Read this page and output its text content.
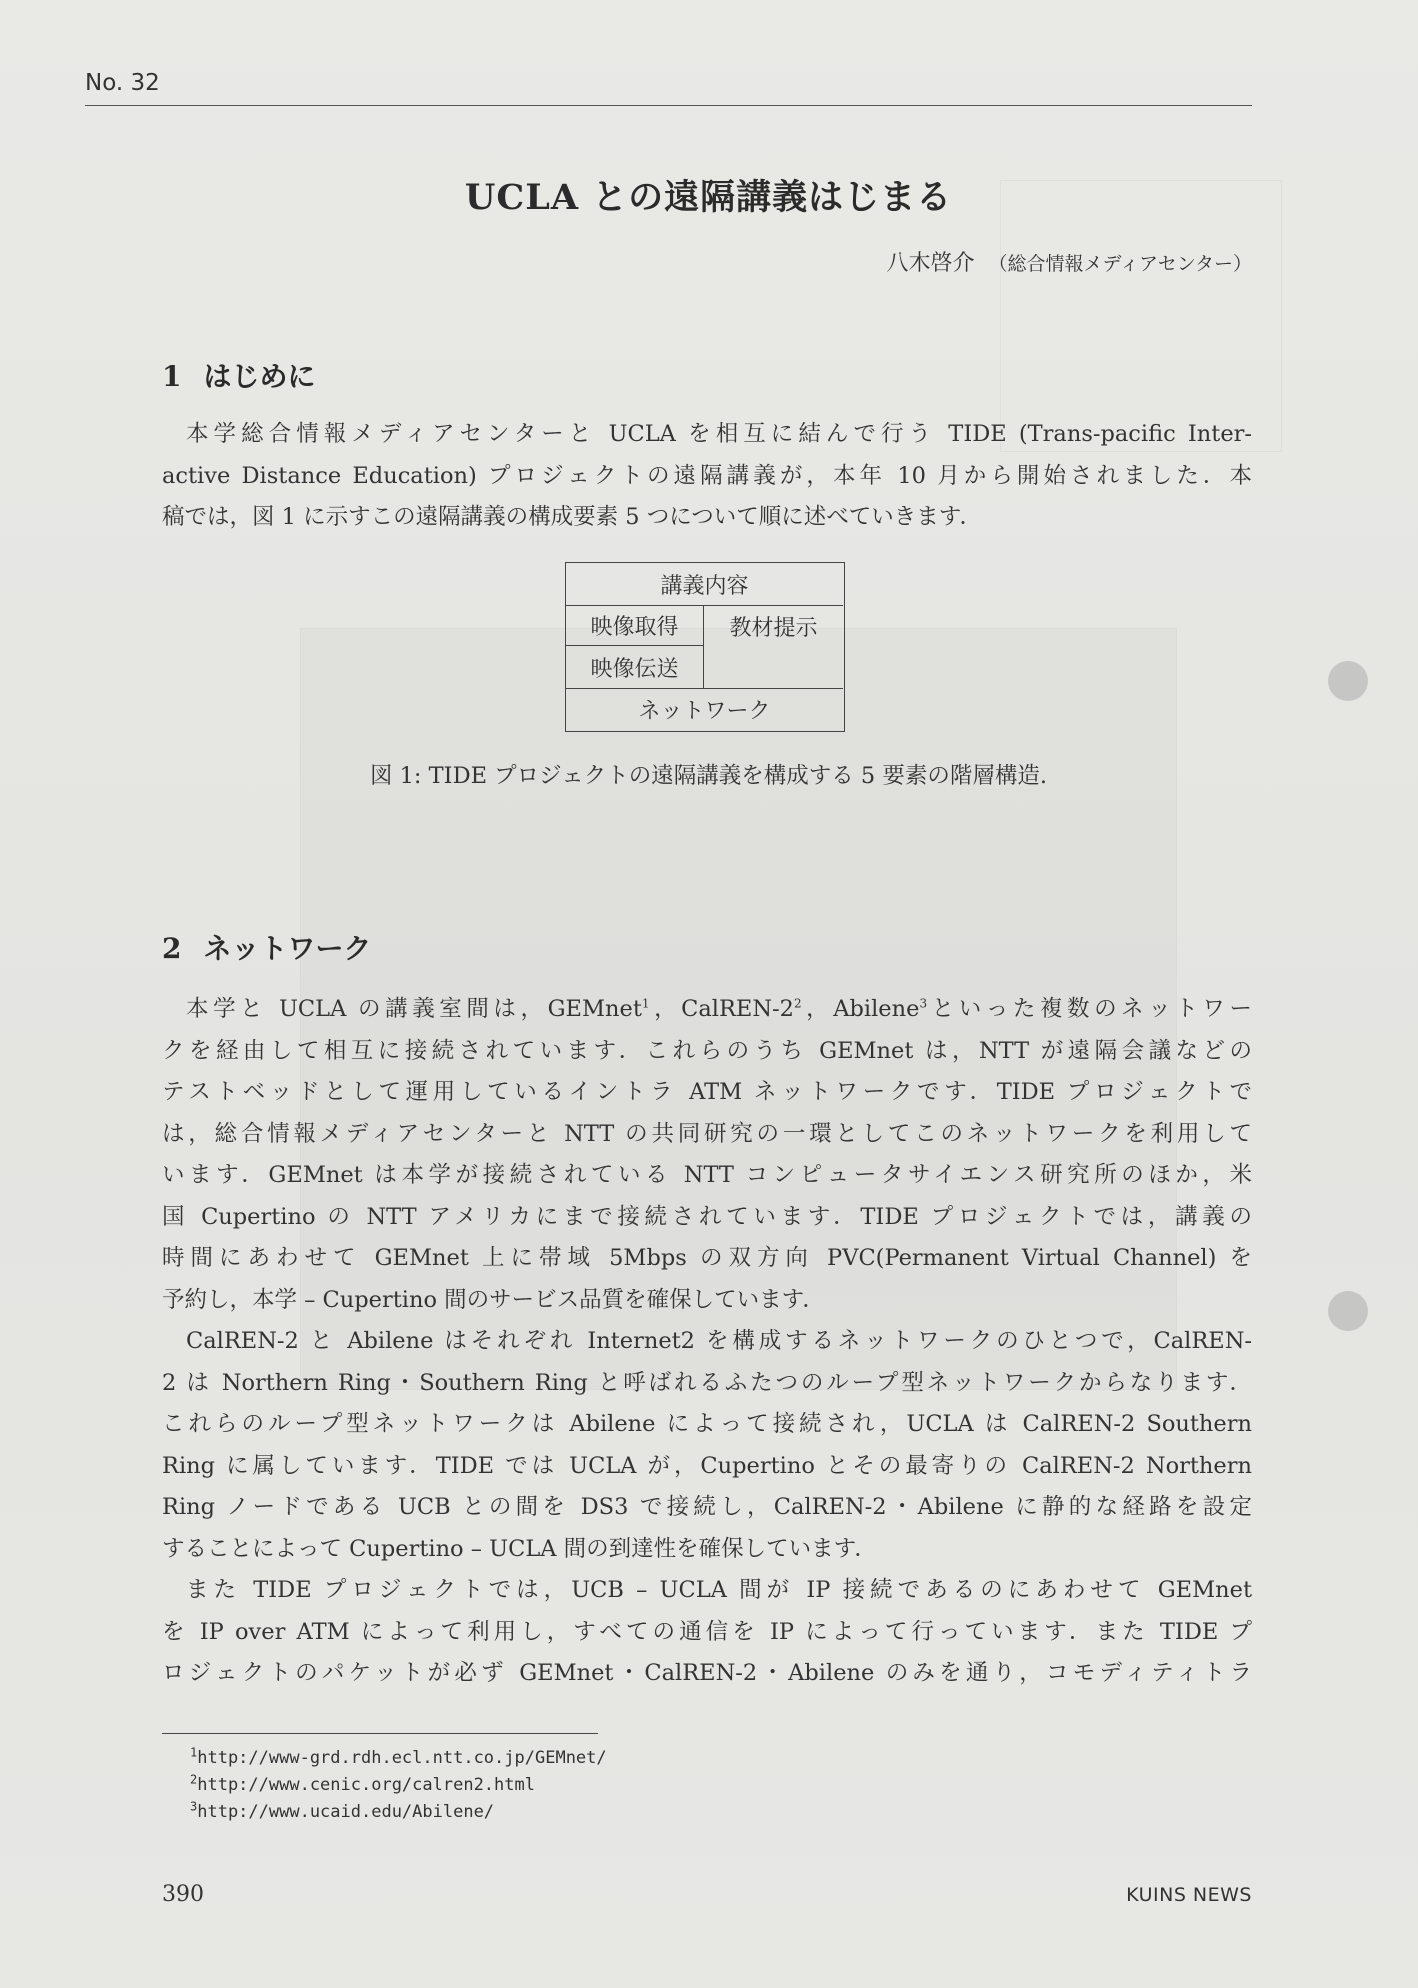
No. 32
UCLA との遠隔講義はじまる
八木啓介 （総合情報メディアセンター）
1 はじめに
本学総合情報メディアセンターと UCLA を相互に結んで行う TIDE (Trans-pacific Inter-
active Distance Education) プロジェクトの遠隔講義が，本年 10 月から開始されました．本
稿では，図 1 に示すこの遠隔講義の構成要素 5 つについて順に述べていきます．
講義内容
映像取得	教材提示
映像伝送
ネットワーク
図 1: TIDE プロジェクトの遠隔講義を構成する 5 要素の階層構造.
2 ネットワーク
本学と UCLA の講義室間は，GEMnet$^1$，CalREN-$2^2$，Abilene$^3$といった複数のネットワー
クを経由して相互に接続されています．これらのうち GEMnet は，NTT が遠隔会議などの
テストベッドとして運用しているイントラ ATM ネットワークです．TIDE プロジェクトで
は，総合情報メディアセンターと NTT の共同研究の一環としてこのネットワークを利用して
います．GEMnet は本学が接続されている NTT コンピュータサイエンス研究所のほか，米
国 Cupertino の NTT アメリカにまで接続されています．TIDE プロジェクトでは，講義の
時間にあわせて GEMnet 上に帯域 5Mbps の双方向 PVC(Permanent Virtual Channel) を
予約し，本学 – Cupertino 間のサービス品質を確保しています．
CalREN-2 と Abilene はそれぞれ Internet2 を構成するネットワークのひとつで，CalREN-
2 は Northern Ring・Southern Ring と呼ばれるふたつのループ型ネットワークからなります．
これらのループ型ネットワークは Abilene によって接続され，UCLA は CalREN-2 Southern
Ring に属しています．TIDE では UCLA が，Cupertino とその最寄りの CalREN-2 Northern
Ring ノードである UCB との間を DS3 で接続し，CalREN-2・Abilene に静的な経路を設定
することによって Cupertino – UCLA 間の到達性を確保しています．
また TIDE プロジェクトでは，UCB – UCLA 間が IP 接続であるのにあわせて GEMnet
を IP over ATM によって利用し，すべての通信を IP によって行っています．また TIDE プ
ロジェクトのパケットが必ず GEMnet・CalREN-2・Abilene のみを通り，コモディティトラ
$^1$http://www-grd.rdh.ecl.ntt.co.jp/GEMnet/
$^2$http://www.cenic.org/calren2.html
$^3$http://www.ucaid.edu/Abilene/
390	KUINS NEWS
